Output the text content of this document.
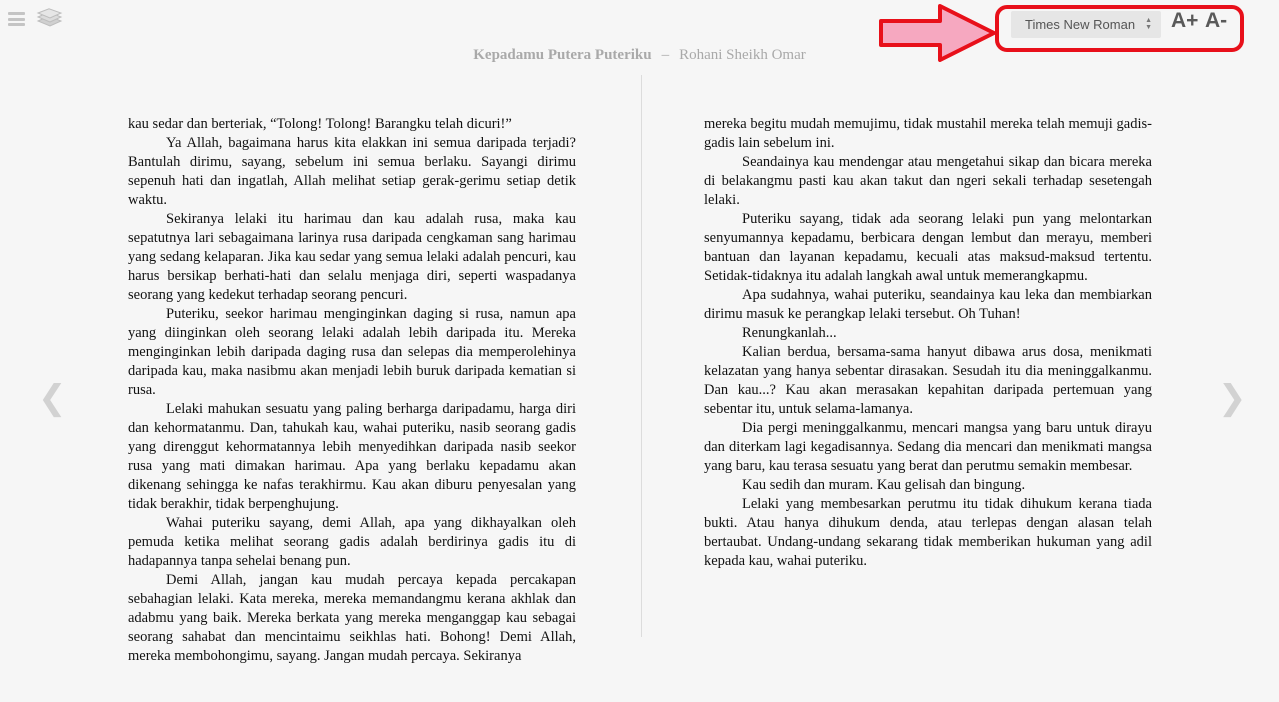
Kepadamu Putera Puteriku – Rohani Sheikh Omar
Times New Roman ▲
▼ A+ A-

kau sedar dan berteriak, “Tolong! Tolong! Barangku telah dicuri!”

Ya Allah, bagaimana harus kita elakkan ini semua daripada terjadi? Bantulah dirimu, sayang, sebelum ini semua berlaku. Sayangi dirimu sepenuh hati dan ingatlah, Allah melihat setiap gerak-gerimu setiap detik waktu.

Sekiranya lelaki itu harimau dan kau adalah rusa, maka kau sepatutnya lari sebagaimana larinya rusa daripada cengkaman sang harimau yang sedang kelaparan. Jika kau sedar yang semua lelaki adalah pencuri, kau harus bersikap berhati-hati dan selalu menjaga diri, seperti waspadanya seorang yang kedekut terhadap seorang pencuri.

Puteriku, seekor harimau menginginkan daging si rusa, namun apa yang diinginkan oleh seorang lelaki adalah lebih daripada itu. Mereka menginginkan lebih daripada daging rusa dan selepas dia memperolehinya daripada kau, maka nasibmu akan menjadi lebih buruk daripada kematian si rusa.

Lelaki mahukan sesuatu yang paling berharga daripadamu, harga diri dan kehormatanmu. Dan, tahukah kau, wahai puteriku, nasib seorang gadis yang direnggut kehormatannya lebih menyedihkan daripada nasib seekor rusa yang mati dimakan harimau. Apa yang berlaku kepadamu akan dikenang sehingga ke nafas terakhirmu. Kau akan diburu penyesalan yang tidak berakhir, tidak berpenghujung.

Wahai puteriku sayang, demi Allah, apa yang dikhayalkan oleh pemuda ketika melihat seorang gadis adalah berdirinya gadis itu di hadapannya tanpa sehelai benang pun.

Demi Allah, jangan kau mudah percaya kepada percakapan sebahagian lelaki. Kata mereka, mereka memandangmu kerana akhlak dan adabmu yang baik. Mereka berkata yang mereka menganggap kau sebagai seorang sahabat dan mencintaimu seikhlas hati. Bohong! Demi Allah, mereka membohongimu, sayang. Jangan mudah percaya. Sekiranya

mereka begitu mudah memujimu, tidak mustahil mereka telah memuji gadis-gadis lain sebelum ini.

Seandainya kau mendengar atau mengetahui sikap dan bicara mereka di belakangmu pasti kau akan takut dan ngeri sekali terhadap sesetengah lelaki.

Puteriku sayang, tidak ada seorang lelaki pun yang melontarkan senyumannya kepadamu, berbicara dengan lembut dan merayu, memberi bantuan dan layanan kepadamu, kecuali atas maksud-maksud tertentu. Setidak-tidaknya itu adalah langkah awal untuk memerangkapmu.

Apa sudahnya, wahai puteriku, seandainya kau leka dan membiarkan dirimu masuk ke perangkap lelaki tersebut. Oh Tuhan!

Renungkanlah...

Kalian berdua, bersama-sama hanyut dibawa arus dosa, menikmati kelazatan yang hanya sebentar dirasakan. Sesudah itu dia meninggalkanmu. Dan kau...? Kau akan merasakan kepahitan daripada pertemuan yang sebentar itu, untuk selama-lamanya.

Dia pergi meninggalkanmu, mencari mangsa yang baru untuk dirayu dan diterkam lagi kegadisannya. Sedang dia mencari dan menikmati mangsa yang baru, kau terasa sesuatu yang berat dan perutmu semakin membesar.

Kau sedih dan muram. Kau gelisah dan bingung.

Lelaki yang membesarkan perutmu itu tidak dihukum kerana tiada bukti. Atau hanya dihukum denda, atau terlepas dengan alasan telah bertaubat. Undang-undang sekarang tidak memberikan hukuman yang adil kepada kau, wahai puteriku.

❮	❯
